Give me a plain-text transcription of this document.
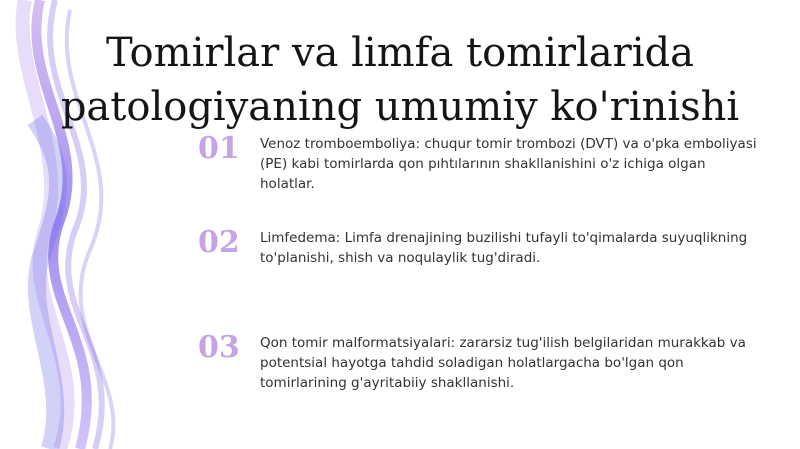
Tomirlar va limfa tomirlarida
patologiyaning umumiy ko'rinishi
01	Venoz tromboemboliya: chuqur tomir trombozi (DVT) va o'pka emboliyasi (PE) kabi tomirlarda qon pıhtılarının shakllanishini o'z ichiga olgan holatlar.

02	Limfedema: Limfa drenajining buzilishi tufayli to'qimalarda suyuqlikning to'planishi, shish va noqulaylik tug'diradi.

03	Qon tomir malformatsiyalari: zararsiz tug'ilish belgilaridan murakkab va potentsial hayotga tahdid soladigan holatlargacha bo'lgan qon tomirlarining g'ayritabiiy shakllanishi.
